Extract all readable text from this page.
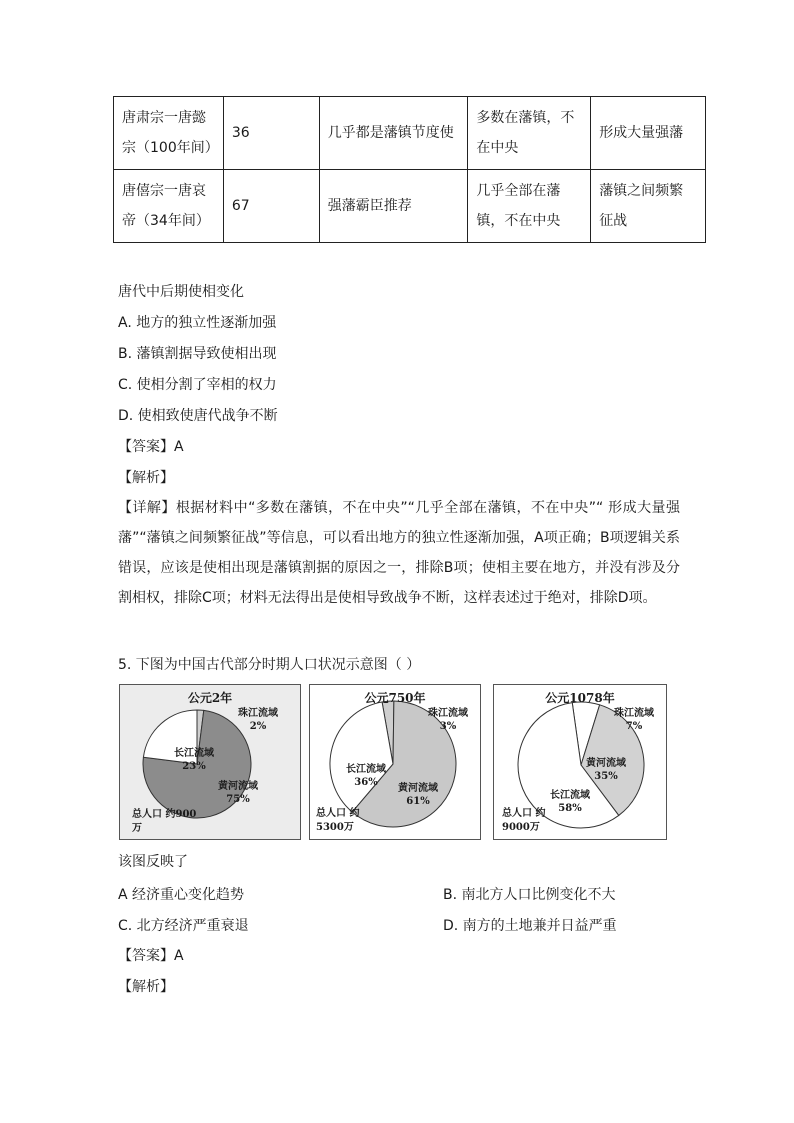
唐肃宗一唐懿宗（100年间）	36	几乎都是藩镇节度使	多数在藩镇，不在中央	形成大量强藩
唐僖宗一唐哀帝（34年间）	67	强藩霸臣推荐	几乎全部在藩镇，不在中央	藩镇之间频繁征战
唐代中后期使相变化
A. 地方的独立性逐渐加强
B. 藩镇割据导致使相出现
C. 使相分割了宰相的权力
D. 使相致使唐代战争不断
【答案】A
【解析】
【详解】根据材料中“多数在藩镇，不在中央”“几乎全部在藩镇，不在中央”“ 形成大量强藩”“藩镇之间频繁征战”等信息，可以看出地方的独立性逐渐加强，A项正确；B项逻辑关系错误，应该是使相出现是藩镇割据的原因之一，排除B项；使相主要在地方，并没有涉及分割相权，排除C项；材料无法得出是使相导致战争不断，这样表述过于绝对，排除D项。
5. 下图为中国古代部分时期人口状况示意图（ ）
公元2年
珠江流域
2%
长江流域
23%
黄河流域
75%
总人口 约900万
公元750年
珠江流域
3%
长江流域
36%
黄河流域
61%
总人口 约5300万
公元1078年
珠江流域
7%
黄河流域
35%
长江流域
58%
总人口 约9000万
该图反映了
A 经济重心变化趋势	B. 南北方人口比例变化不大
C. 北方经济严重衰退	D. 南方的土地兼并日益严重
【答案】A
【解析】
